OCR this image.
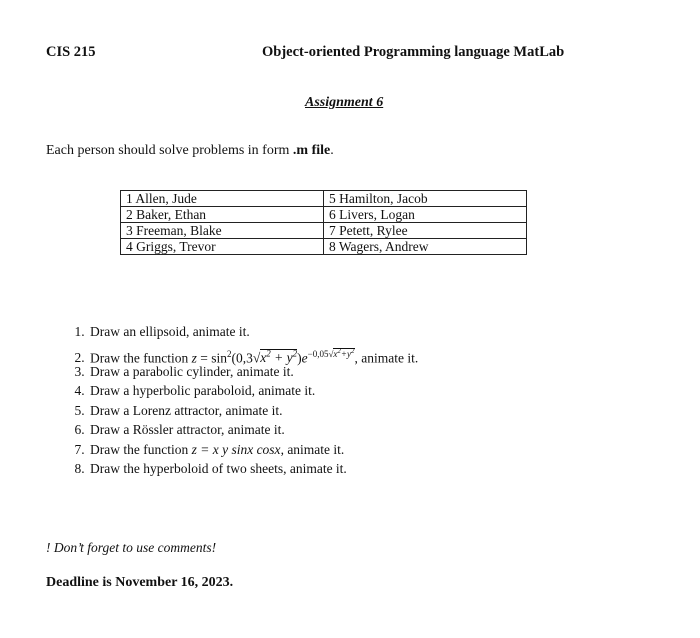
CIS 215	Object-oriented Programming language MatLab
Assignment 6
Each person should solve problems in form .m file.
1 Allen, Jude	5 Hamilton, Jacob
2 Baker, Ethan	6 Livers, Logan
3 Freeman, Blake	7 Petett, Rylee
4 Griggs, Trevor	8 Wagers, Andrew
1. Draw an ellipsoid, animate it.
2. Draw the function $z = \sin^2(0,3√x^2 + y^2)e^{-0,05√x^2+y^2}$, animate it.
3. Draw a parabolic cylinder, animate it.
4. Draw a hyperbolic paraboloid, animate it.
5. Draw a Lorenz attractor, animate it.
6. Draw a Rössler attractor, animate it.
7. Draw the function z = x y sinx cosx, animate it.
8. Draw the hyperboloid of two sheets, animate it.
! Don’t forget to use comments!
Deadline is November 16, 2023.
